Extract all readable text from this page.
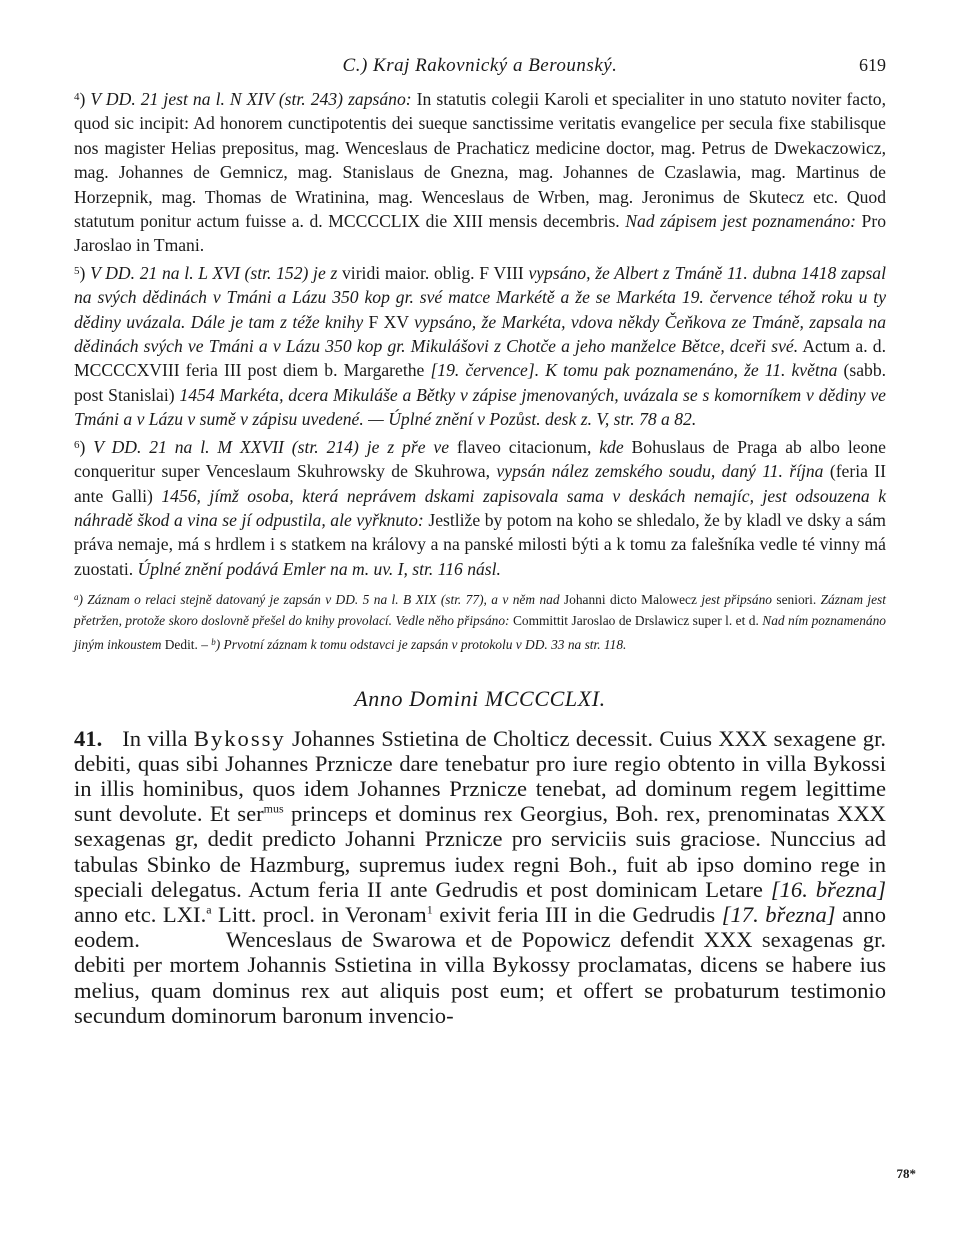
C.) Kraj Rakovnický a Berounský.	619

$^4$) V DD. 21 jest na l. N XIV (str. 243) zapsáno: In statutis colegii Karoli et specialiter in uno statuto noviter facto, quod sic incipit: Ad honorem cunctipotentis dei sueque sanctissime veritatis evangelice per secula fixe stabilisque nos magister Helias prepositus, mag. Wenceslaus de Prachaticz medicine doctor, mag. Petrus de Dwekaczowicz, mag. Johannes de Gemnicz, mag. Stanislaus de Gnezna, mag. Johannes de Czaslawia, mag. Martinus de Horzepnik, mag. Thomas de Wratinina, mag. Wenceslaus de Wrben, mag. Jeronimus de Skutecz etc. Quod statutum ponitur actum fuisse a. d. MCCCCLIX die XIII mensis decembris. Nad zápisem jest poznamenáno: Pro Jaroslao in Tmani.

$^5$) V DD. 21 na l. L XVI (str. 152) je z viridi maior. oblig. F VIII vypsáno, že Albert z Tmáně 11. dubna 1418 zapsal na svých dědinách v Tmáni a Lázu 350 kop gr. své matce Markétě a že se Markéta 19. července téhož roku u ty dědiny uvázala. Dále je tam z téže knihy F XV vypsáno, že Markéta, vdova někdy Čeňkova ze Tmáně, zapsala na dědinách svých ve Tmáni a v Lázu 350 kop gr. Mikulášovi z Chotče a jeho manželce Bětce, dceři své. Actum a. d. MCCCCXVIII feria III post diem b. Margarethe [19. července]. K tomu pak poznamenáno, že 11. května (sabb. post Stanislai) 1454 Markéta, dcera Mikuláše a Bětky v zápise jmenovaných, uvázala se s komorníkem v dědiny ve Tmáni a v Lázu v sumě v zápisu uvedené. — Úplné znění v Pozůst. desk z. V, str. 78 a 82.

$^6$) V DD. 21 na l. M XXVII (str. 214) je z pře ve flaveo citacionum, kde Bohuslaus de Praga ab albo leone conqueritur super Venceslaum Skuhrowsky de Skuhrowa, vypsán nález zemského soudu, daný 11. října (feria II ante Galli) 1456, jímž osoba, která neprávem dskami zapisovala sama v deskách nemajíc, jest odsouzena k náhradě škod a vina se jí odpustila, ale vyřknuto: Jestliže by potom na koho se shledalo, že by kladl ve dsky a sám práva nemaje, má s hrdlem i s statkem na královy a na panské milosti býti a k tomu za falešníka vedle té vinny má zuostati. Úplné znění podává Emler na m. uv. I, str. 116 násl.

$^a$) Záznam o relaci stejně datovaný je zapsán v DD. 5 na l. B XIX (str. 77), a v něm nad Johanni dicto Malowecz jest připsáno seniori. Záznam jest přetržen, protože skoro doslovně přešel do knihy provolací. Vedle něho připsáno: Committit Jaroslao de Drslawicz super l. et d. Nad ním poznamenáno jiným inkoustem Dedit. – $^b$) Prvotní záznam k tomu odstavci je zapsán v protokolu v DD. 33 na str. 118.

Anno Domini MCCCCLXI.

41. In villa Bykossy Johannes Sstietina de Cholticz decessit. Cuius XXX sexagene gr. debiti, quas sibi Johannes Prznicze dare tenebatur pro iure regio obtento in villa Bykossi in illis hominibus, quos idem Johannes Prznicze tenebat, ad dominum regem legittime sunt devolute. Et ser$^{mus}$ princeps et dominus rex Georgius, Boh. rex, prenominatas XXX sexagenas gr, dedit predicto Johanni Prznicze pro serviciis suis graciose. Nunccius ad tabulas Sbinko de Hazmburg, supremus iudex regni Boh., fuit ab ipso domino rege in speciali delegatus. Actum feria II ante Gedrudis et post dominicam Letare [16. března] anno etc. LXI.$^a$ Litt. procl. in Veronam$^1$ exivit feria III in die Gedrudis [17. března] anno eodem.	Wenceslaus de Swarowa et de Popowicz defendit XXX sexagenas gr. debiti per mortem Johannis Sstietina in villa Bykossy proclamatas, dicens se habere ius melius, quam dominus rex aut aliquis post eum; et offert se probaturum testimonio secundum dominorum baronum invencio-

78*
